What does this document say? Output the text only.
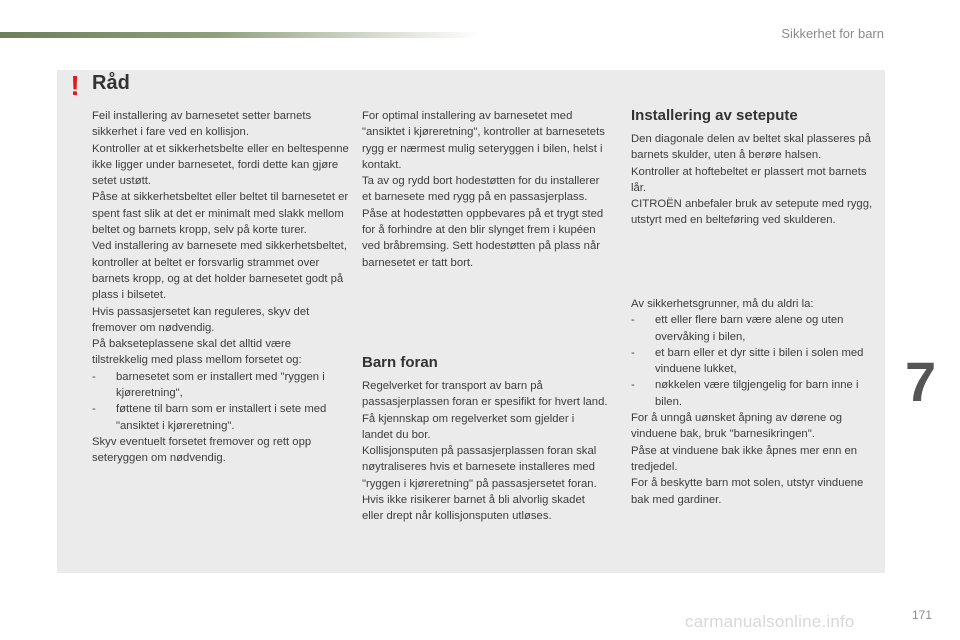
Sikkerhet for barn
! Råd

Feil installering av barnesetet setter barnets sikkerhet i fare ved en kollisjon.

Kontroller at et sikkerhetsbelte eller en beltespenne ikke ligger under barnesetet, fordi dette kan gjøre setet ustøtt.

Påse at sikkerhetsbeltet eller beltet til barnesetet er spent fast slik at det er minimalt med slakk mellom beltet og barnets kropp, selv på korte turer.

Ved installering av barnesete med sikkerhetsbeltet, kontroller at beltet er forsvarlig strammet over barnets kropp, og at det holder barnesetet godt på plass i bilsetet.

Hvis passasjersetet kan reguleres, skyv det fremover om nødvendig.

På bakseteplassene skal det alltid være tilstrekkelig med plass mellom forsetet og:

-	barnesetet som er installert med "ryggen i kjøreretning",
-	føttene til barn som er installert i sete med "ansiktet i kjøreretning".

Skyv eventuelt forsetet fremover og rett opp seteryggen om nødvendig.

For optimal installering av barnesetet med "ansiktet i kjøreretning", kontroller at barnesetets rygg er nærmest mulig seteryggen i bilen, helst i kontakt.

Ta av og rydd bort hodestøtten for du installerer et barnesete med rygg på en passasjerplass.

Påse at hodestøtten oppbevares på et trygt sted for å forhindre at den blir slynget frem i kupéen ved bråbremsing. Sett hodestøtten på plass når barnesetet er tatt bort.

Barn foran

Regelverket for transport av barn på passasjerplassen foran er spesifikt for hvert land. Få kjennskap om regelverket som gjelder i landet du bor.

Kollisjonsputen på passasjerplassen foran skal nøytraliseres hvis et barnesete installeres med "ryggen i kjøreretning" på passasjersetet foran.

Hvis ikke risikerer barnet å bli alvorlig skadet eller drept når kollisjonsputen utløses.

Installering av setepute

Den diagonale delen av beltet skal plasseres på barnets skulder, uten å berøre halsen.

Kontroller at hoftebeltet er plassert mot barnets lår.

CITROËN anbefaler bruk av setepute med rygg, utstyrt med en belteføring ved skulderen.

Av sikkerhetsgrunner, må du aldri la:

-	ett eller flere barn være alene og uten overvåking i bilen,
-	et barn eller et dyr sitte i bilen i solen med vinduene lukket,
-	nøkkelen være tilgjengelig for barn inne i bilen.

For å unngå uønsket åpning av dørene og vinduene bak, bruk "barnesikringen".

Påse at vinduene bak ikke åpnes mer enn en tredjedel.

For å beskytte barn mot solen, utstyr vinduene bak med gardiner.

7
171
carmanualsonline.info
